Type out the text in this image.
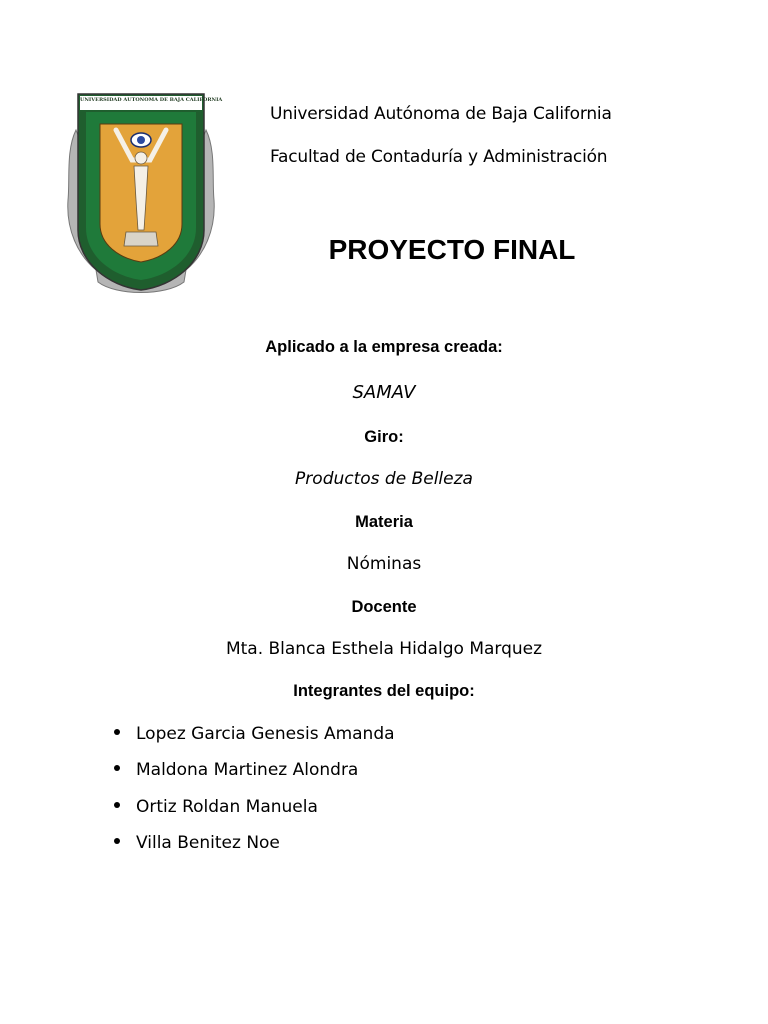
UNIVERSIDAD AUTONOMA DE BAJA CALIFORNIA
Universidad Autónoma de Baja California
Facultad de Contaduría y Administración
PROYECTO FINAL
Aplicado a la empresa creada:
SAMAV
Giro:
Productos de Belleza
Materia
Nóminas
Docente
Mta. Blanca Esthela Hidalgo Marquez
Integrantes del equipo:
Lopez Garcia Genesis Amanda
Maldona Martinez Alondra
Ortiz Roldan Manuela
Villa Benitez Noe
